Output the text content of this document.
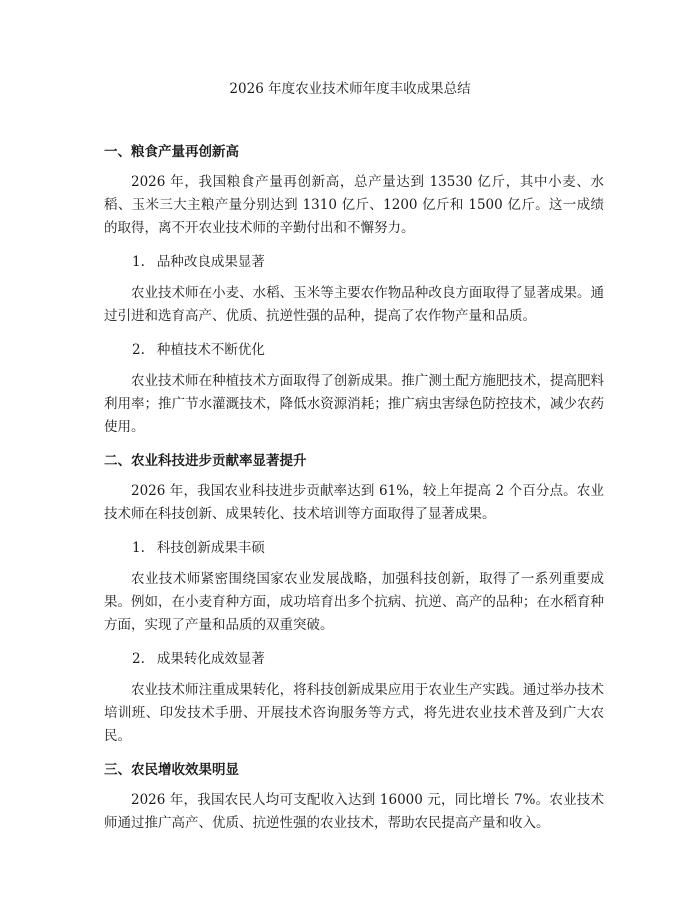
2026 年度农业技术师年度丰收成果总结
一、粮食产量再创新高

2026 年，我国粮食产量再创新高，总产量达到 13530 亿斤，其中小麦、水稻、玉米三大主粮产量分别达到 1310 亿斤、1200 亿斤和 1500 亿斤。这一成绩的取得，离不开农业技术师的辛勤付出和不懈努力。

1. 品种改良成果显著

农业技术师在小麦、水稻、玉米等主要农作物品种改良方面取得了显著成果。通过引进和选育高产、优质、抗逆性强的品种，提高了农作物产量和品质。

2. 种植技术不断优化

农业技术师在种植技术方面取得了创新成果。推广测土配方施肥技术，提高肥料利用率；推广节水灌溉技术，降低水资源消耗；推广病虫害绿色防控技术，减少农药使用。

二、农业科技进步贡献率显著提升

2026 年，我国农业科技进步贡献率达到 61%，较上年提高 2 个百分点。农业技术师在科技创新、成果转化、技术培训等方面取得了显著成果。

1. 科技创新成果丰硕

农业技术师紧密围绕国家农业发展战略，加强科技创新，取得了一系列重要成果。例如，在小麦育种方面，成功培育出多个抗病、抗逆、高产的品种；在水稻育种方面，实现了产量和品质的双重突破。

2. 成果转化成效显著

农业技术师注重成果转化，将科技创新成果应用于农业生产实践。通过举办技术培训班、印发技术手册、开展技术咨询服务等方式，将先进农业技术普及到广大农民。

三、农民增收效果明显

2026 年，我国农民人均可支配收入达到 16000 元，同比增长 7%。农业技术师通过推广高产、优质、抗逆性强的农业技术，帮助农民提高产量和收入。
